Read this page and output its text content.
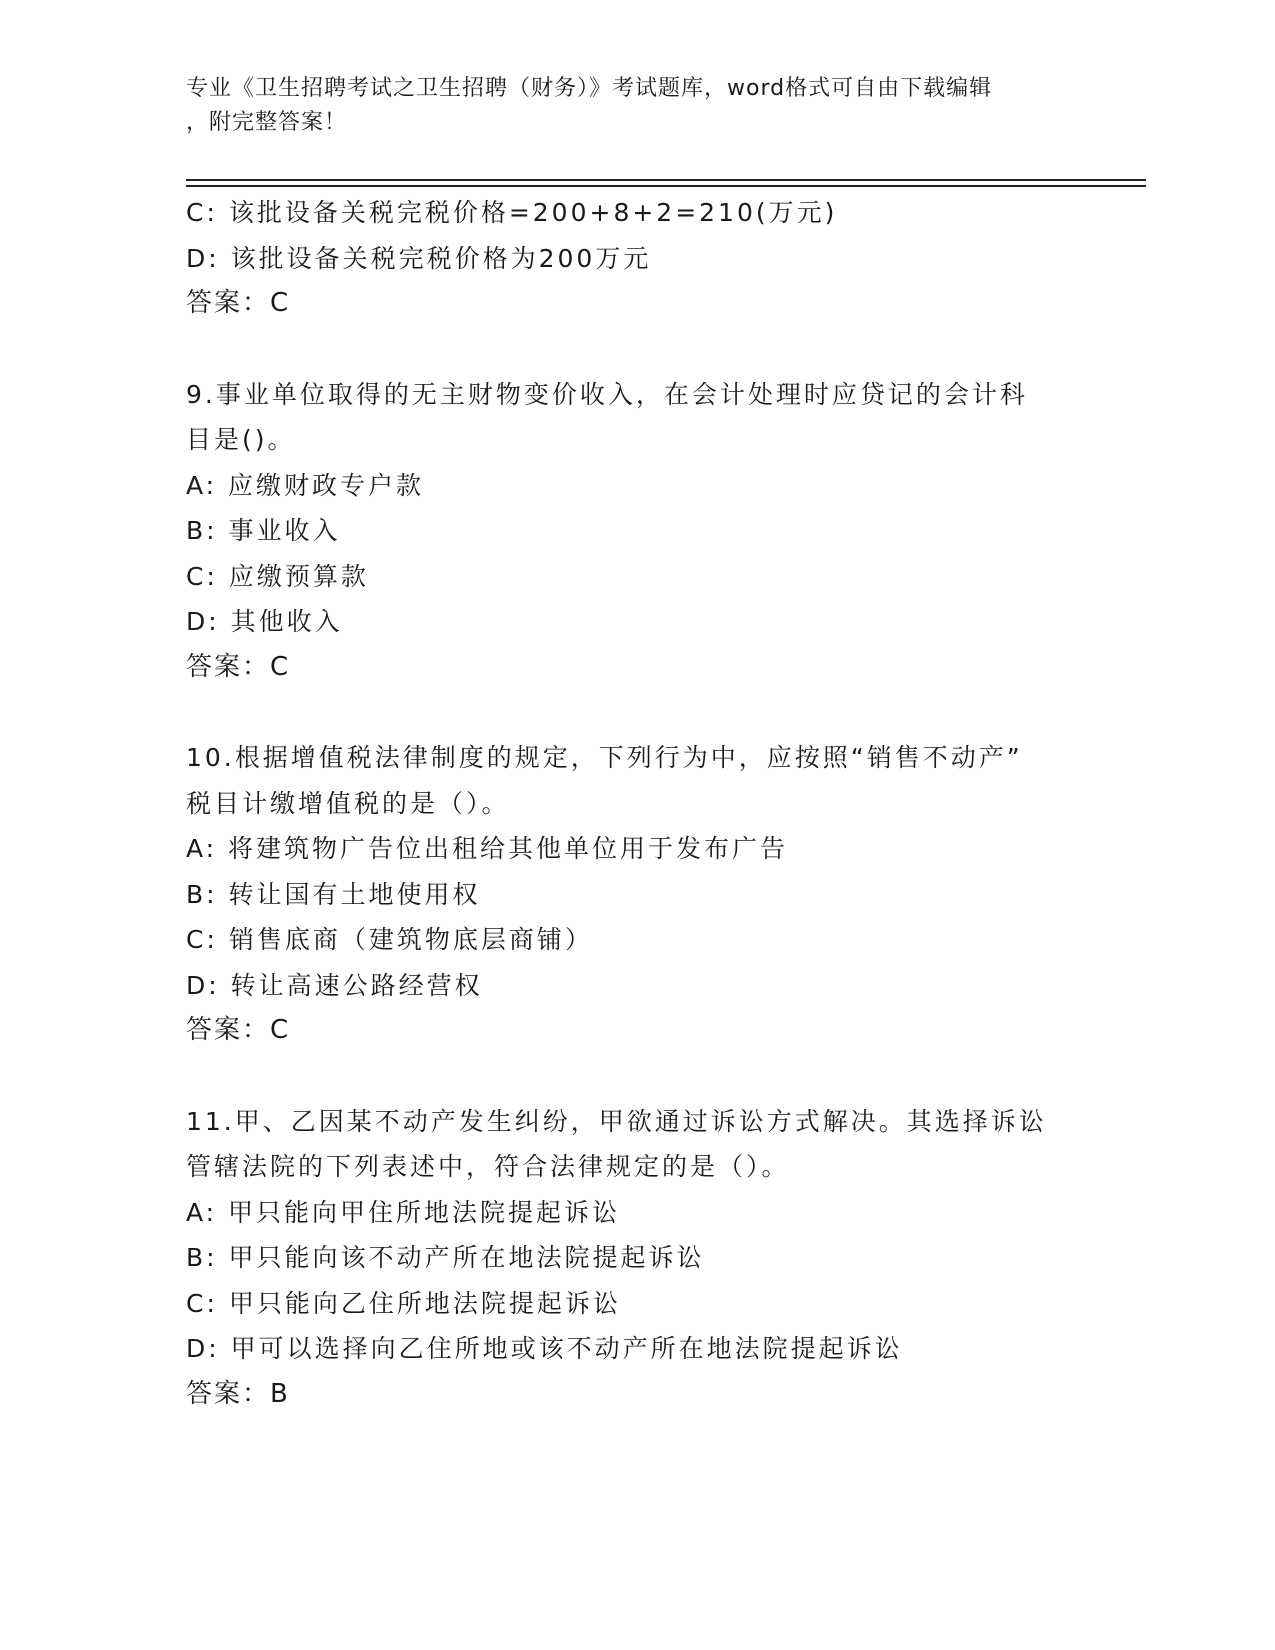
专业《卫生招聘考试之卫生招聘（财务）》考试题库，word格式可自由下载编辑
，附完整答案！
C: 该批设备关税完税价格=200+8+2=210(万元)
D: 该批设备关税完税价格为200万元
答案：C
9.事业单位取得的无主财物变价收入，在会计处理时应贷记的会计科
目是()。
A: 应缴财政专户款
B: 事业收入
C: 应缴预算款
D: 其他收入
答案：C
10.根据增值税法律制度的规定，下列行为中，应按照“销售不动产”
税目计缴增值税的是（）。
A: 将建筑物广告位出租给其他单位用于发布广告
B: 转让国有土地使用权
C: 销售底商（建筑物底层商铺）
D: 转让高速公路经营权
答案：C
11.甲、乙因某不动产发生纠纷，甲欲通过诉讼方式解决。其选择诉讼
管辖法院的下列表述中，符合法律规定的是（）。
A: 甲只能向甲住所地法院提起诉讼
B: 甲只能向该不动产所在地法院提起诉讼
C: 甲只能向乙住所地法院提起诉讼
D: 甲可以选择向乙住所地或该不动产所在地法院提起诉讼
答案：B
